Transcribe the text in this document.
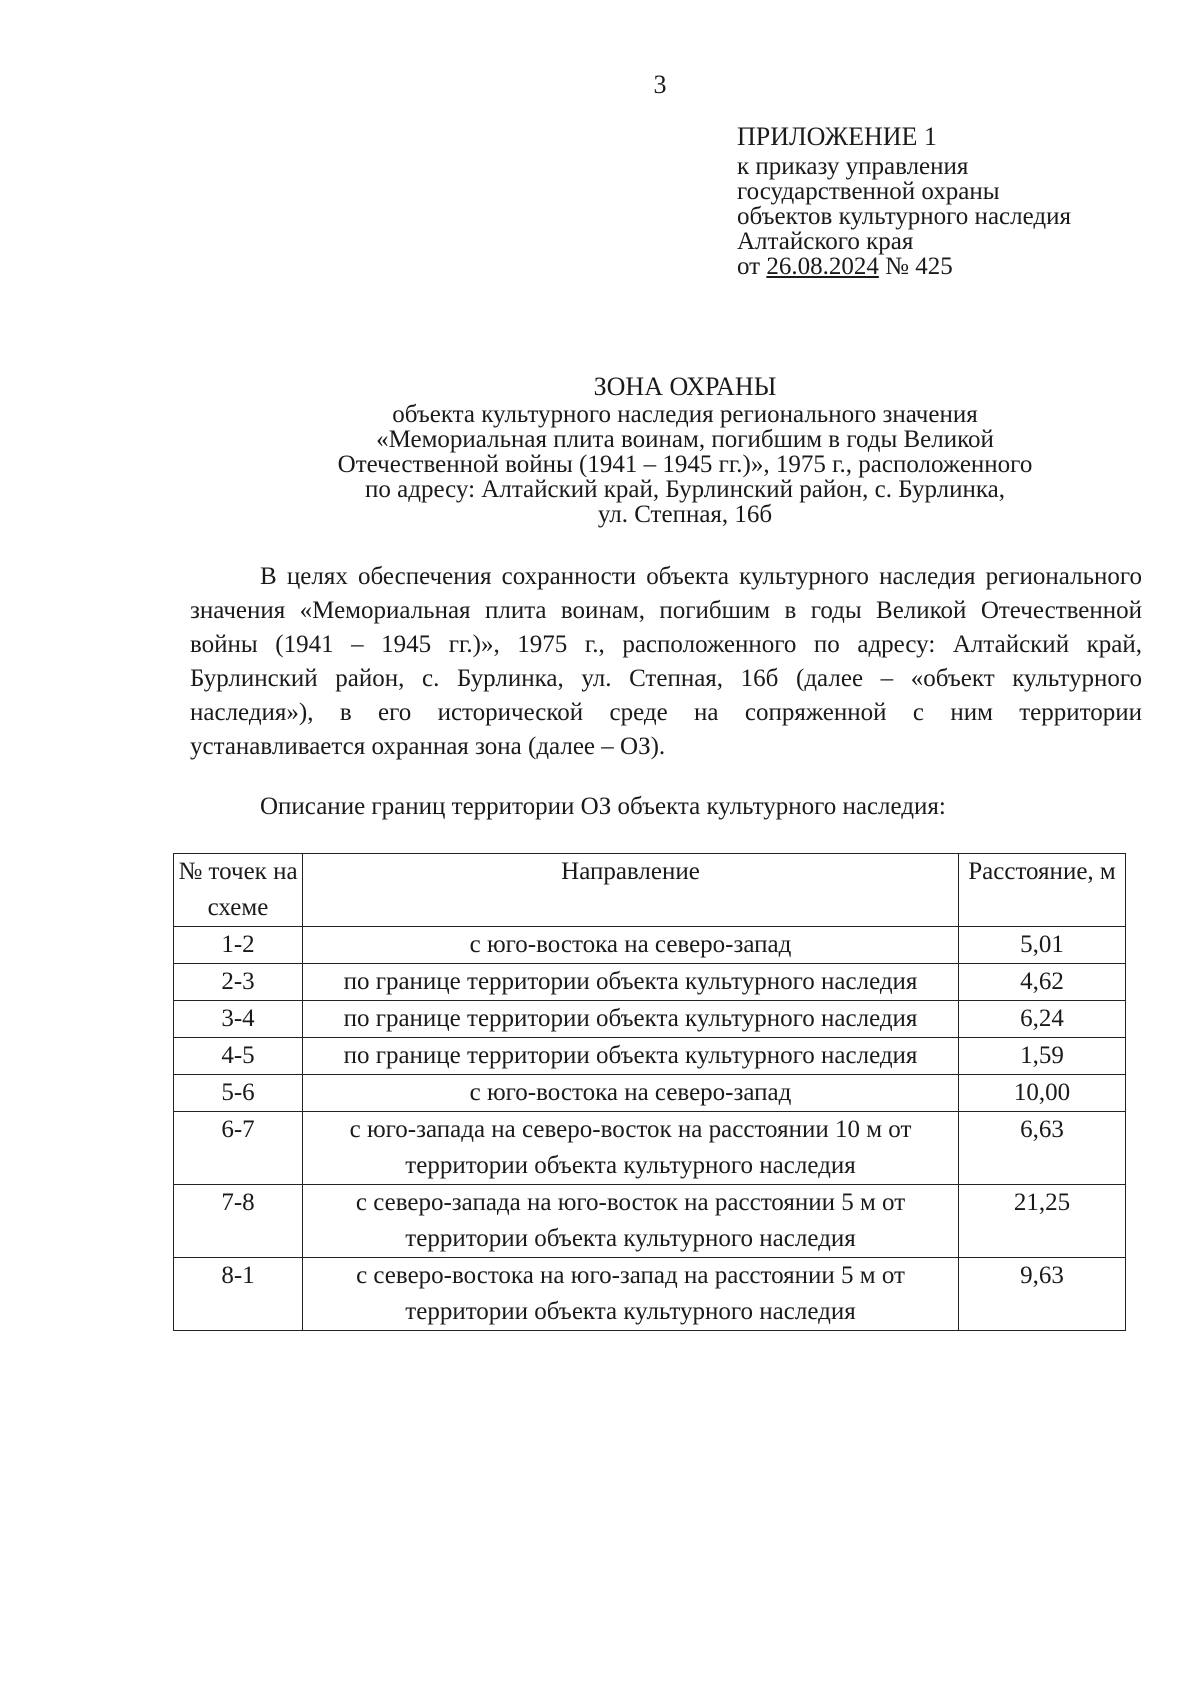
3
ПРИЛОЖЕНИЕ 1
к приказу управления
государственной охраны
объектов культурного наследия
Алтайского края
от 26.08.2024 № 425
ЗОНА ОХРАНЫ
объекта культурного наследия регионального значения
«Мемориальная плита воинам, погибшим в годы Великой
Отечественной войны (1941 – 1945 гг.)», 1975 г., расположенного
по адресу: Алтайский край, Бурлинский район, с. Бурлинка,
ул. Степная, 16б

В целях обеспечения сохранности объекта культурного наследия регионального значения «Мемориальная плита воинам, погибшим в годы Великой Отечественной войны (1941 – 1945 гг.)», 1975 г., расположенного по адресу: Алтайский край, Бурлинский район, с. Бурлинка, ул. Степная, 16б (далее – «объект культурного наследия»), в его исторической среде на сопряженной с ним территории устанавливается охранная зона (далее – ОЗ).

Описание границ территории ОЗ объекта культурного наследия:
№ точек на схеме	Направление	Расстояние, м
1-2	с юго-востока на северо-запад	5,01
2-3	по границе территории объекта культурного наследия	4,62
3-4	по границе территории объекта культурного наследия	6,24
4-5	по границе территории объекта культурного наследия	1,59
5-6	с юго-востока на северо-запад	10,00
6-7	с юго-запада на северо-восток на расстоянии 10 м от территории объекта культурного наследия	6,63
7-8	с северо-запада на юго-восток на расстоянии 5 м от территории объекта культурного наследия	21,25
8-1	с северо-востока на юго-запад на расстоянии 5 м от территории объекта культурного наследия	9,63
